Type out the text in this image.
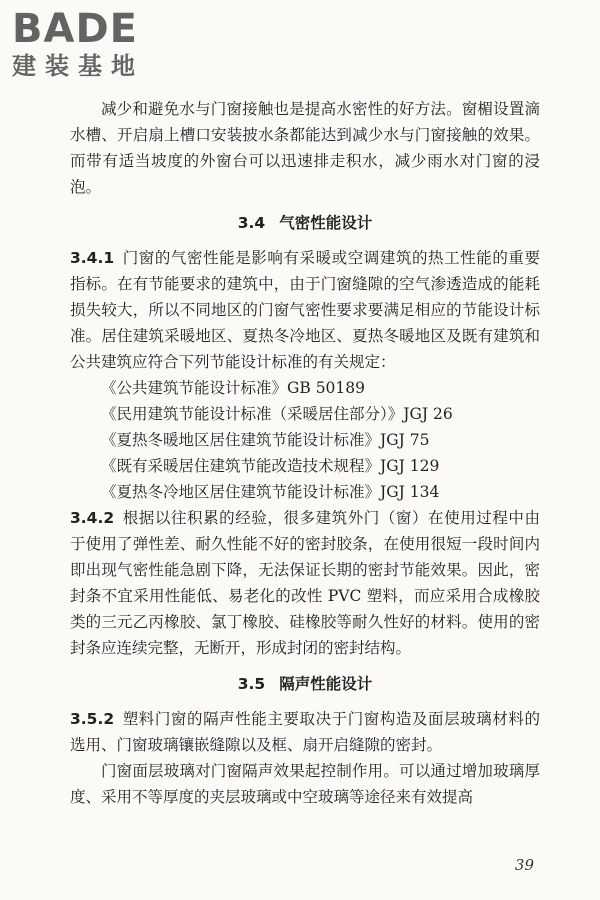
BADE
建装基地

减少和避免水与门窗接触也是提高水密性的好方法。窗楣设置滴水槽、开启扇上槽口安装披水条都能达到减少水与门窗接触的效果。而带有适当坡度的外窗台可以迅速排走积水，减少雨水对门窗的浸泡。

3.4 气密性能设计

3.4.1 门窗的气密性能是影响有采暖或空调建筑的热工性能的重要指标。在有节能要求的建筑中，由于门窗缝隙的空气渗透造成的能耗损失较大，所以不同地区的门窗气密性要求要满足相应的节能设计标准。居住建筑采暖地区、夏热冬冷地区、夏热冬暖地区及既有建筑和公共建筑应符合下列节能设计标准的有关规定：

《公共建筑节能设计标准》GB 50189
《民用建筑节能设计标准（采暖居住部分）》JGJ 26
《夏热冬暖地区居住建筑节能设计标准》JGJ 75
《既有采暖居住建筑节能改造技术规程》JGJ 129
《夏热冬冷地区居住建筑节能设计标准》JGJ 134

3.4.2 根据以往积累的经验，很多建筑外门（窗）在使用过程中由于使用了弹性差、耐久性能不好的密封胶条，在使用很短一段时间内即出现气密性能急剧下降，无法保证长期的密封节能效果。因此，密封条不宜采用性能低、易老化的改性 PVC 塑料，而应采用合成橡胶类的三元乙丙橡胶、氯丁橡胶、硅橡胶等耐久性好的材料。使用的密封条应连续完整，无断开，形成封闭的密封结构。

3.5 隔声性能设计

3.5.2 塑料门窗的隔声性能主要取决于门窗构造及面层玻璃材料的选用、门窗玻璃镶嵌缝隙以及框、扇开启缝隙的密封。

门窗面层玻璃对门窗隔声效果起控制作用。可以通过增加玻璃厚度、采用不等厚度的夹层玻璃或中空玻璃等途径来有效提高

39
